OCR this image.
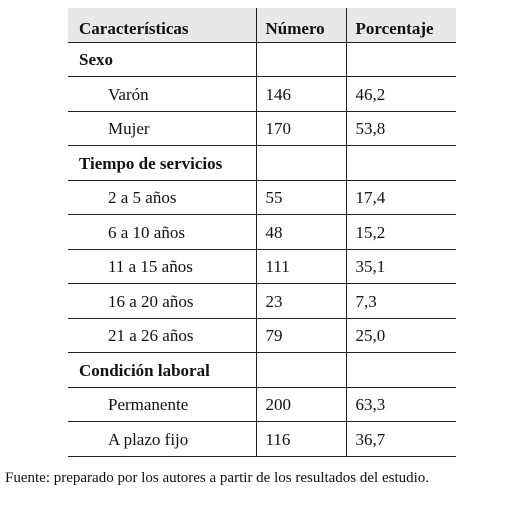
Características	Número	Porcentaje
Sexo		
Varón	146	46,2
Mujer	170	53,8
Tiempo de servicios		
2 a 5 años	55	17,4
6 a 10 años	48	15,2
11 a 15 años	111	35,1
16 a 20 años	23	7,3
21 a 26 años	79	25,0
Condición laboral		
Permanente	200	63,3
A plazo fijo	116	36,7
Fuente: preparado por los autores a partir de los resultados del estudio.
